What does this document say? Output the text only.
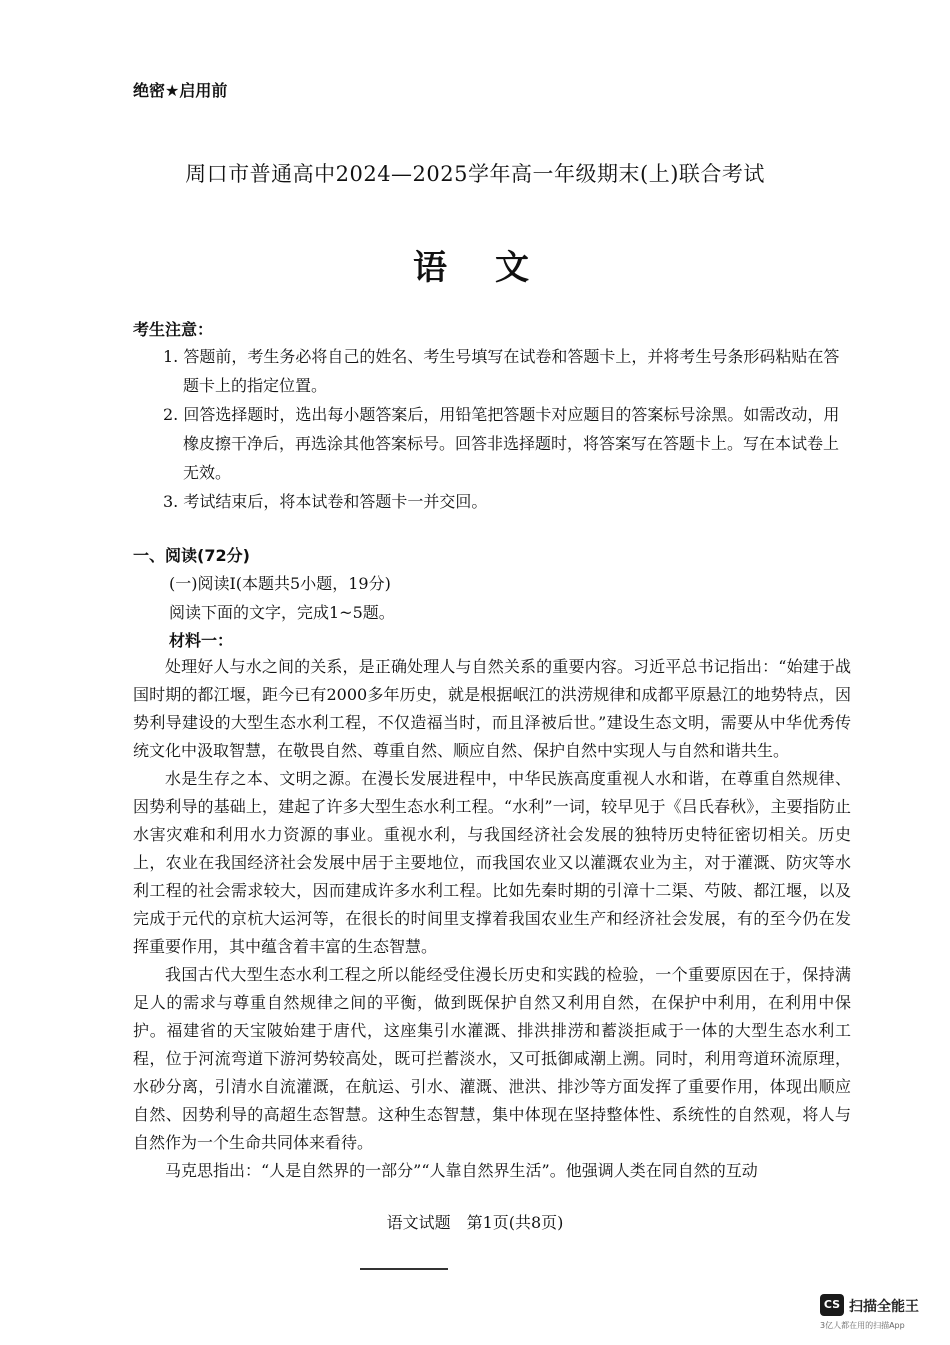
绝密★启用前
周口市普通高中2024—2025学年高一年级期末(上)联合考试
语文
考生注意：

1. 答题前，考生务必将自己的姓名、考生号填写在试卷和答题卡上，并将考生号条形码粘贴在答题卡上的指定位置。

2. 回答选择题时，选出每小题答案后，用铅笔把答题卡对应题目的答案标号涂黑。如需改动，用橡皮擦干净后，再选涂其他答案标号。回答非选择题时，将答案写在答题卡上。写在本试卷上无效。

3. 考试结束后，将本试卷和答题卡一并交回。

一、阅读(72分)
(一)阅读Ⅰ(本题共5小题，19分)
阅读下面的文字，完成1~5题。
材料一：

处理好人与水之间的关系，是正确处理人与自然关系的重要内容。习近平总书记指出：“始建于战国时期的都江堰，距今已有2000多年历史，就是根据岷江的洪涝规律和成都平原悬江的地势特点，因势利导建设的大型生态水利工程，不仅造福当时，而且泽被后世。”建设生态文明，需要从中华优秀传统文化中汲取智慧，在敬畏自然、尊重自然、顺应自然、保护自然中实现人与自然和谐共生。

水是生存之本、文明之源。在漫长发展进程中，中华民族高度重视人水和谐，在尊重自然规律、因势利导的基础上，建起了许多大型生态水利工程。“水利”一词，较早见于《吕氏春秋》，主要指防止水害灾难和利用水力资源的事业。重视水利，与我国经济社会发展的独特历史特征密切相关。历史上，农业在我国经济社会发展中居于主要地位，而我国农业又以灌溉农业为主，对于灌溉、防灾等水利工程的社会需求较大，因而建成许多水利工程。比如先秦时期的引漳十二渠、芍陂、都江堰，以及完成于元代的京杭大运河等，在很长的时间里支撑着我国农业生产和经济社会发展，有的至今仍在发挥重要作用，其中蕴含着丰富的生态智慧。

我国古代大型生态水利工程之所以能经受住漫长历史和实践的检验，一个重要原因在于，保持满足人的需求与尊重自然规律之间的平衡，做到既保护自然又利用自然，在保护中利用，在利用中保护。福建省的天宝陂始建于唐代，这座集引水灌溉、排洪排涝和蓄淡拒咸于一体的大型生态水利工程，位于河流弯道下游河势较高处，既可拦蓄淡水，又可抵御咸潮上溯。同时，利用弯道环流原理，水砂分离，引清水自流灌溉，在航运、引水、灌溉、泄洪、排沙等方面发挥了重要作用，体现出顺应自然、因势利导的高超生态智慧。这种生态智慧，集中体现在坚持整体性、系统性的自然观，将人与自然作为一个生命共同体来看待。

马克思指出：“人是自然界的一部分”“人靠自然界生活”。他强调人类在同自然的互动

语文试题　第1页(共8页)
CS 扫描全能王
3亿人都在用的扫描App
